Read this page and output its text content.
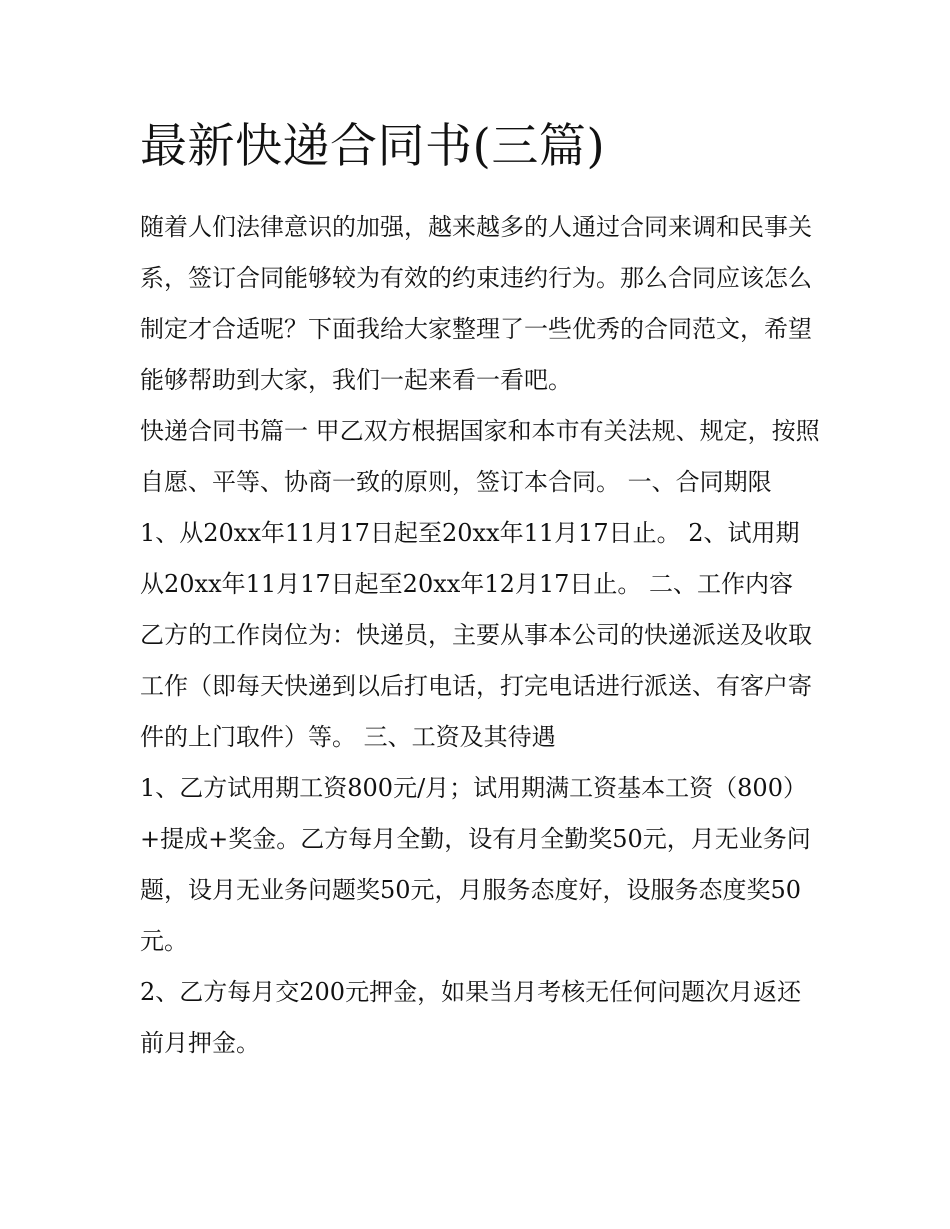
最新快递合同书(三篇)

随着人们法律意识的加强，越来越多的人通过合同来调和民事关系，签订合同能够较为有效的约束违约行为。那么合同应该怎么制定才合适呢？下面我给大家整理了一些优秀的合同范文，希望能够帮助到大家，我们一起来看一看吧。

快递合同书篇一 甲乙双方根据国家和本市有关法规、规定，按照自愿、平等、协商一致的原则，签订本合同。 一、合同期限

1、从20xx年11月17日起至20xx年11月17日止。 2、试用期从20xx年11月17日起至20xx年12月17日止。 二、工作内容 乙方的工作岗位为：快递员，主要从事本公司的快递派送及收取工作（即每天快递到以后打电话，打完电话进行派送、有客户寄件的上门取件）等。 三、工资及其待遇

1、乙方试用期工资800元/月；试用期满工资基本工资（800）+提成+奖金。乙方每月全勤，设有月全勤奖50元，月无业务问题，设月无业务问题奖50元，月服务态度好，设服务态度奖50元。

2、乙方每月交200元押金，如果当月考核无任何问题次月返还前月押金。
